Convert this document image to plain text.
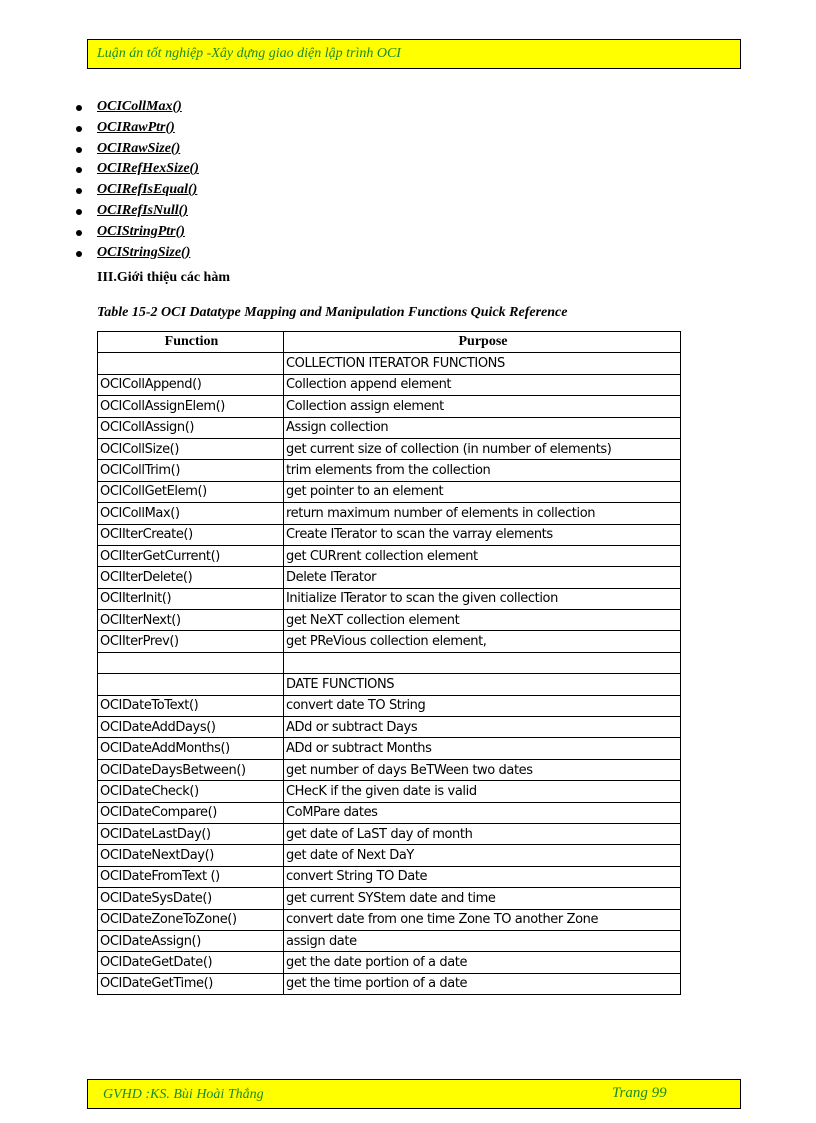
Luận án tốt nghiệp -Xây dựng giao diện lập trình OCI
OCICollMax()
OCIRawPtr()
OCIRawSize()
OCIRefHexSize()
OCIRefIsEqual()
OCIRefIsNull()
OCIStringPtr()
OCIStringSize()
III.Giới thiệu các hàm
Table 15-2 OCI Datatype Mapping and Manipulation Functions Quick Reference
Function	Purpose
	COLLECTION ITERATOR FUNCTIONS
OCICollAppend()	Collection append element
OCICollAssignElem()	Collection assign element
OCICollAssign()	Assign collection
OCICollSize()	get current size of collection (in number of elements)
OCICollTrim()	trim elements from the collection
OCICollGetElem()	get pointer to an element
OCICollMax()	return maximum number of elements in collection
OCIIterCreate()	Create ITerator to scan the varray elements
OCIIterGetCurrent()	get CURrent collection element
OCIIterDelete()	Delete ITerator
OCIIterInit()	Initialize ITerator to scan the given collection
OCIIterNext()	get NeXT collection element
OCIIterPrev()	get PReVious collection element,

	DATE FUNCTIONS
OCIDateToText()	convert date TO String
OCIDateAddDays()	ADd or subtract Days
OCIDateAddMonths()	ADd or subtract Months
OCIDateDaysBetween()	get number of days BeTWeen two dates
OCIDateCheck()	CHecK if the given date is valid
OCIDateCompare()	CoMPare dates
OCIDateLastDay()	get date of LaST day of month
OCIDateNextDay()	get date of Next DaY
OCIDateFromText ()	convert String TO Date
OCIDateSysDate()	get current SYStem date and time
OCIDateZoneToZone()	convert date from one time Zone TO another Zone
OCIDateAssign()	assign date
OCIDateGetDate()	get the date portion of a date
OCIDateGetTime()	get the time portion of a date
GVHD :KS. Bùi Hoài Thắng	Trang 99
